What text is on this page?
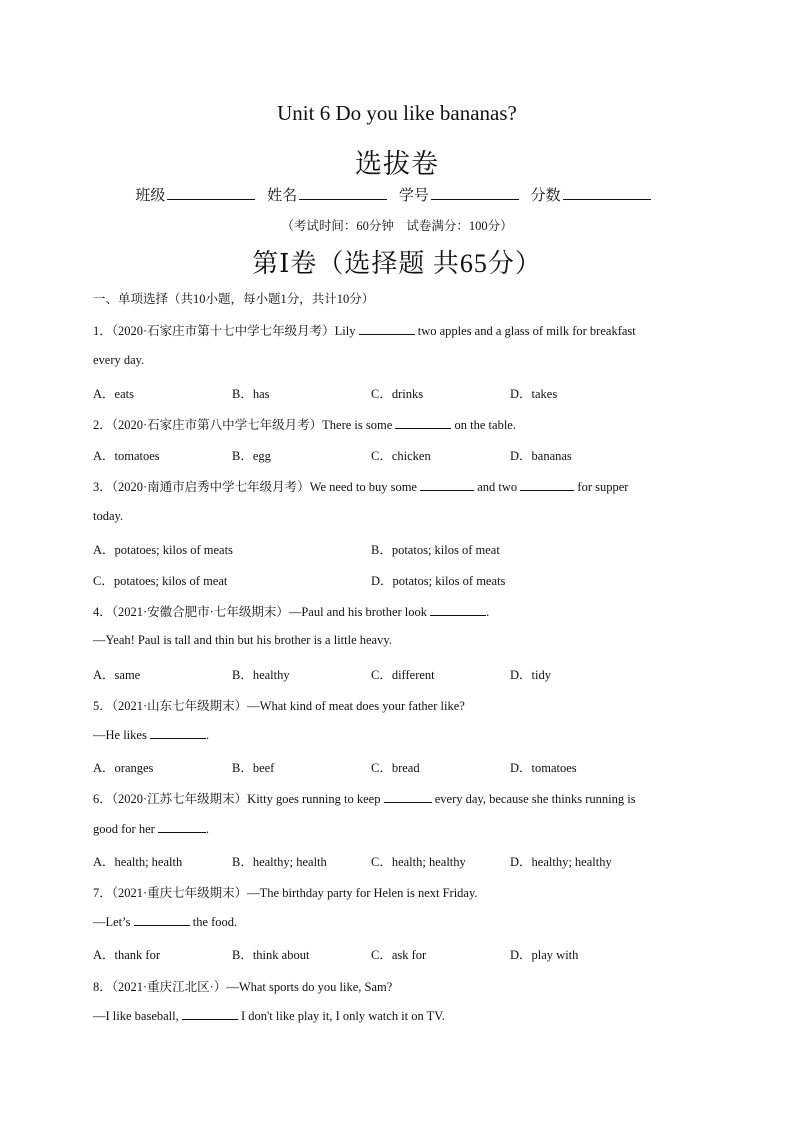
Unit 6 Do you like bananas?
选拔卷
班级	姓名	学号	分数
（考试时间：60分钟　试卷满分：100分）
第Ⅰ卷（选择题 共65分）
一、单项选择（共10小题，每小题1分，共计10分）
1．（2020·石家庄市第十七中学七年级月考）Lily	two apples and a glass of milk for breakfast
every day.
A．eats	B．has	C．drinks	D．takes
2．（2020·石家庄市第八中学七年级月考）There is some	on the table.
A．tomatoes	B．egg	C．chicken	D．bananas
3．（2020·南通市启秀中学七年级月考）We need to buy some	and two	for supper
today.
A．potatoes; kilos of meats	B．potatos; kilos of meat
C．potatoes; kilos of meat	D．potatos; kilos of meats
4．（2021·安徽合肥市·七年级期末）—Paul and his brother look	.
—Yeah! Paul is tall and thin but his brother is a little heavy.
A．same	B．healthy	C．different	D．tidy
5．（2021·山东七年级期末）—What kind of meat does your father like?
—He likes	.
A．oranges	B．beef	C．bread	D．tomatoes
6．（2020·江苏七年级期末）Kitty goes running to keep	every day, because she thinks running is
good for her	.
A．health; health	B．healthy; health	C．health; healthy	D．healthy; healthy
7．（2021·重庆七年级期末）—The birthday party for Helen is next Friday.
—Let’s	the food.
A．thank for	B．think about	C．ask for	D．play with
8．（2021·重庆江北区·）—What sports do you like, Sam?
—I like baseball,	I don't like play it, I only watch it on TV.
